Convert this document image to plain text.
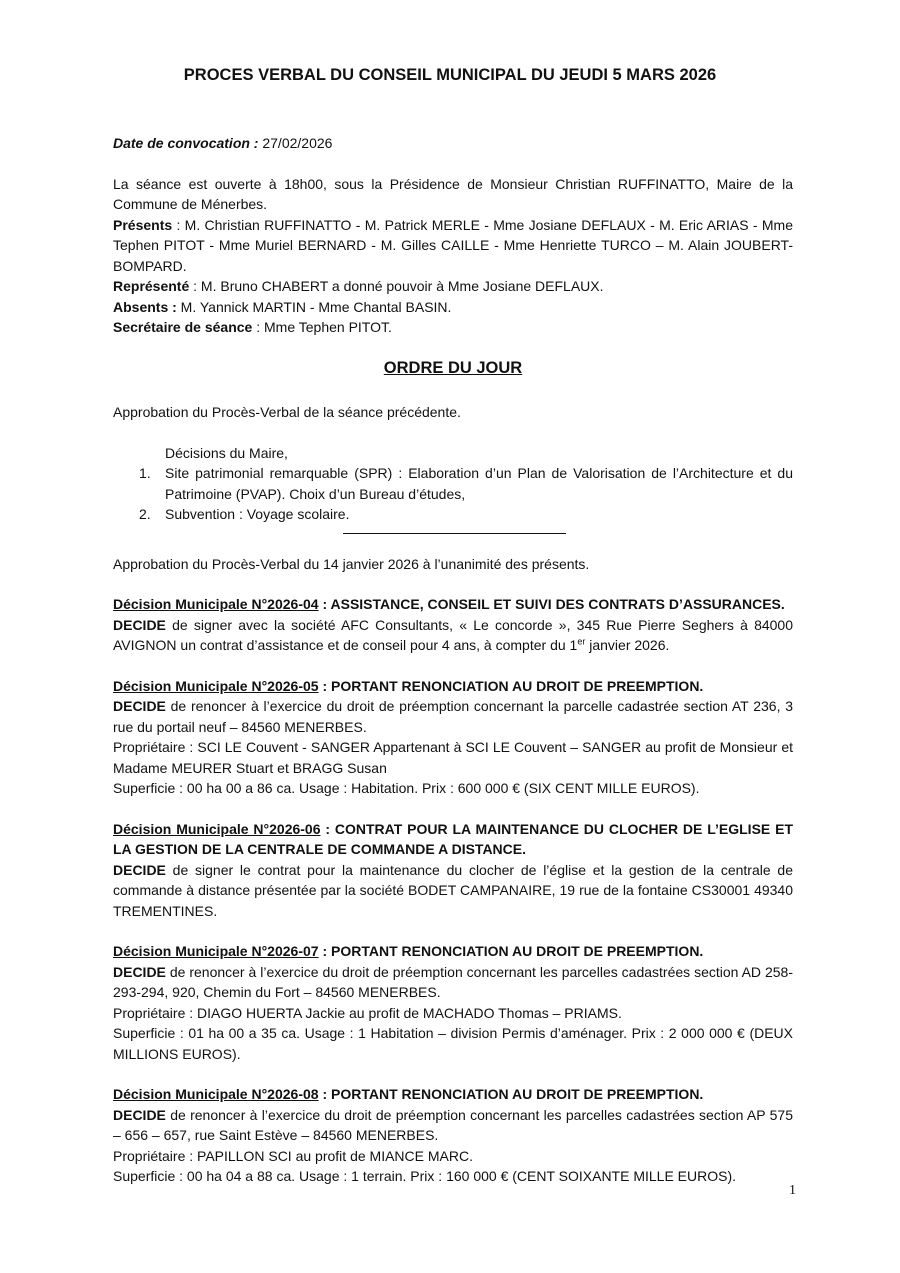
PROCES VERBAL DU CONSEIL MUNICIPAL DU JEUDI 5 MARS 2026

Date de convocation : 27/02/2026

La séance est ouverte à 18h00, sous la Présidence de Monsieur Christian RUFFINATTO, Maire de la Commune de Ménerbes.

Présents : M. Christian RUFFINATTO - M. Patrick MERLE - Mme Josiane DEFLAUX - M. Eric ARIAS - Mme Tephen PITOT - Mme Muriel BERNARD - M. Gilles CAILLE - Mme Henriette TURCO – M. Alain JOUBERT-BOMPARD.

Représenté : M. Bruno CHABERT a donné pouvoir à Mme Josiane DEFLAUX.

Absents : M. Yannick MARTIN - Mme Chantal BASIN.

Secrétaire de séance : Mme Tephen PITOT.

ORDRE DU JOUR

Approbation du Procès-Verbal de la séance précédente.

Décisions du Maire,

1.	Site patrimonial remarquable (SPR) : Elaboration d’un Plan de Valorisation de l’Architecture et du Patrimoine (PVAP). Choix d’un Bureau d’études,
2.	Subvention : Voyage scolaire.

Approbation du Procès-Verbal du 14 janvier 2026 à l’unanimité des présents.

Décision Municipale N°2026-04 : ASSISTANCE, CONSEIL ET SUIVI DES CONTRATS D’ASSURANCES.

DECIDE de signer avec la société AFC Consultants, « Le concorde », 345 Rue Pierre Seghers à 84000 AVIGNON un contrat d’assistance et de conseil pour 4 ans, à compter du 1er janvier 2026.

Décision Municipale N°2026-05 : PORTANT RENONCIATION AU DROIT DE PREEMPTION.

DECIDE de renoncer à l’exercice du droit de préemption concernant la parcelle cadastrée section AT 236, 3 rue du portail neuf – 84560 MENERBES.

Propriétaire : SCI LE Couvent - SANGER Appartenant à SCI LE Couvent – SANGER au profit de Monsieur et Madame MEURER Stuart et BRAGG Susan

Superficie : 00 ha 00 a 86 ca. Usage : Habitation. Prix : 600 000 € (SIX CENT MILLE EUROS).

Décision Municipale N°2026-06 : CONTRAT POUR LA MAINTENANCE DU CLOCHER DE L’EGLISE ET LA GESTION DE LA CENTRALE DE COMMANDE A DISTANCE.

DECIDE de signer le contrat pour la maintenance du clocher de l’église et la gestion de la centrale de commande à distance présentée par la société BODET CAMPANAIRE, 19 rue de la fontaine CS30001 49340 TREMENTINES.

Décision Municipale N°2026-07 : PORTANT RENONCIATION AU DROIT DE PREEMPTION.

DECIDE de renoncer à l’exercice du droit de préemption concernant les parcelles cadastrées section AD 258-293-294, 920, Chemin du Fort – 84560 MENERBES.

Propriétaire : DIAGO HUERTA Jackie au profit de MACHADO Thomas – PRIAMS.

Superficie : 01 ha 00 a 35 ca. Usage : 1 Habitation – division Permis d’aménager. Prix : 2 000 000 € (DEUX MILLIONS EUROS).

Décision Municipale N°2026-08 : PORTANT RENONCIATION AU DROIT DE PREEMPTION.

DECIDE de renoncer à l’exercice du droit de préemption concernant les parcelles cadastrées section AP 575 – 656 – 657, rue Saint Estève – 84560 MENERBES.

Propriétaire : PAPILLON SCI au profit de MIANCE MARC.

Superficie : 00 ha 04 a 88 ca. Usage : 1 terrain. Prix : 160 000 € (CENT SOIXANTE MILLE EUROS).

1
